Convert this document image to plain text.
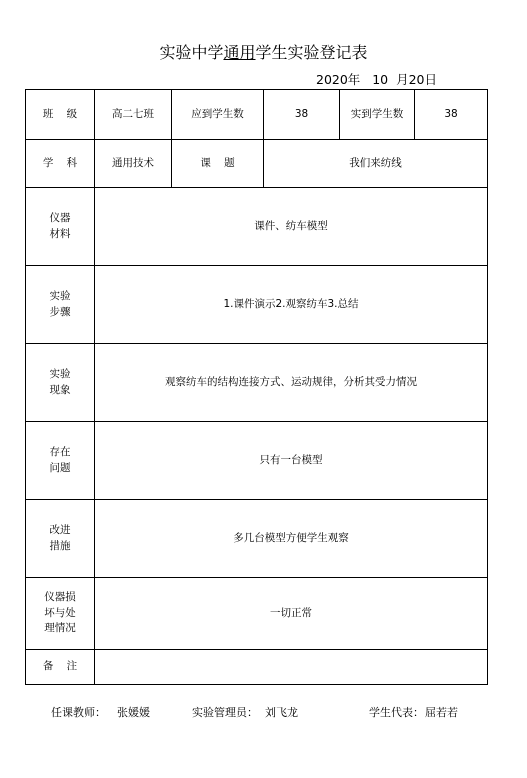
实验中学通用学生实验登记表
2020年   10  月20日
班    级	高二七班	应到学生数	38	实到学生数	38
学    科	通用技术	课    题	我们来纺线		
仪器
材料	课件、纺车模型				
实验
步骤	1.课件演示2.观察纺车3.总结				
实验
现象	观察纺车的结构连接方式、运动规律，分析其受力情况				
存在
问题	只有一台模型				
改进
措施	多几台模型方便学生观察				
仪器损
坏与处
理情况	一切正常				
备    注					
任课教师： 张媛媛	实验管理员： 刘飞龙	学生代表： 屈若若
